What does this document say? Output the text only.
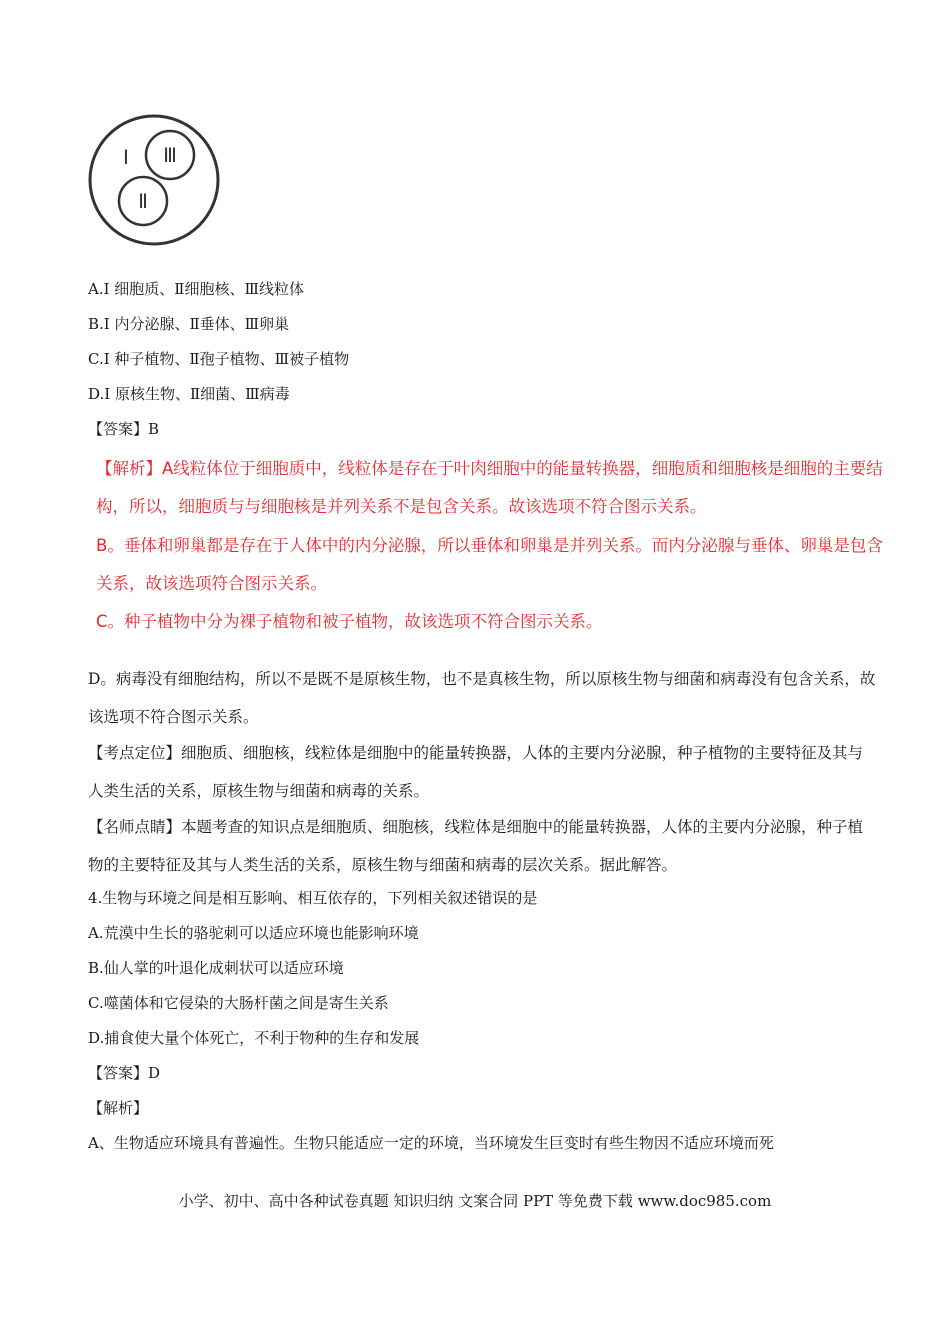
Ⅰ Ⅲ
Ⅱ
A.Ⅰ 细胞质、Ⅱ细胞核、Ⅲ线粒体
B.Ⅰ 内分泌腺、Ⅱ垂体、Ⅲ卵巢
C.Ⅰ 种子植物、Ⅱ孢子植物、Ⅲ被子植物
D.Ⅰ 原核生物、Ⅱ细菌、Ⅲ病毒
【答案】B
【解析】A线粒体位于细胞质中，线粒体是存在于叶肉细胞中的能量转换器，细胞质和细胞核是细胞的主要结构，所以，细胞质与与细胞核是并列关系不是包含关系。故该选项不符合图示关系。
B。垂体和卵巢都是存在于人体中的内分泌腺，所以垂体和卵巢是并列关系。而内分泌腺与垂体、卵巢是包含关系，故该选项符合图示关系。
C。种子植物中分为裸子植物和被子植物，故该选项不符合图示关系。
D。病毒没有细胞结构，所以不是既不是原核生物，也不是真核生物，所以原核生物与细菌和病毒没有包含关系，故该选项不符合图示关系。
【考点定位】细胞质、细胞核，线粒体是细胞中的能量转换器，人体的主要内分泌腺，种子植物的主要特征及其与人类生活的关系，原核生物与细菌和病毒的关系。
【名师点睛】本题考查的知识点是细胞质、细胞核，线粒体是细胞中的能量转换器，人体的主要内分泌腺，种子植物的主要特征及其与人类生活的关系，原核生物与细菌和病毒的层次关系。据此解答。
4.生物与环境之间是相互影响、相互依存的，下列相关叙述错误的是
A.荒漠中生长的骆驼刺可以适应环境也能影响环境
B.仙人掌的叶退化成刺状可以适应环境
C.噬菌体和它侵染的大肠杆菌之间是寄生关系
D.捕食使大量个体死亡，不利于物种的生存和发展
【答案】D
【解析】
A、生物适应环境具有普遍性。生物只能适应一定的环境，当环境发生巨变时有些生物因不适应环境而死
小学、初中、高中各种试卷真题 知识归纳 文案合同 PPT 等免费下载 www.doc985.com
